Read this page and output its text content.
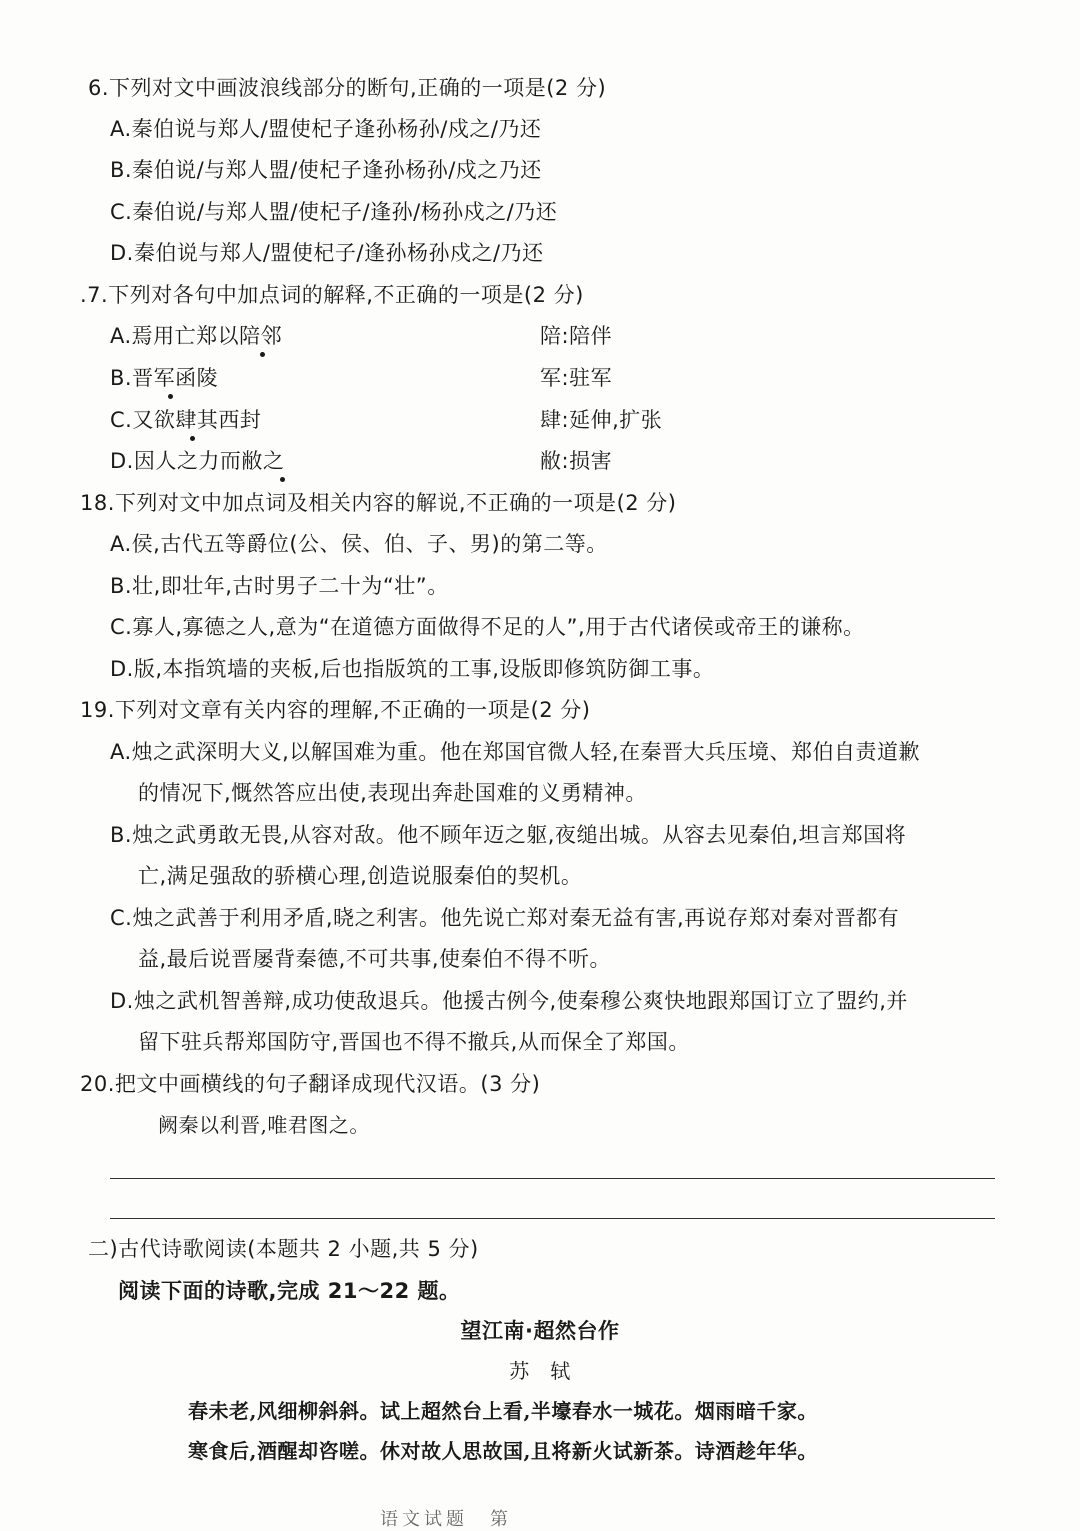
6.下列对文中画波浪线部分的断句,正确的一项是(2 分)
A.秦伯说与郑人/盟使杞子逢孙杨孙/戍之/乃还
B.秦伯说/与郑人盟/使杞子逢孙杨孙/戍之乃还
C.秦伯说/与郑人盟/使杞子/逢孙/杨孙戍之/乃还
D.秦伯说与郑人/盟使杞子/逢孙杨孙戍之/乃还
.7.下列对各句中加点词的解释,不正确的一项是(2 分)
A.焉用亡郑以陪邻	陪:陪伴
B.晋军函陵	军:驻军
C.又欲肆其西封	肆:延伸,扩张
D.因人之力而敝之	敝:损害
18.下列对文中加点词及相关内容的解说,不正确的一项是(2 分)
A.侯,古代五等爵位(公、侯、伯、子、男)的第二等。
B.壮,即壮年,古时男子二十为“壮”。
C.寡人,寡德之人,意为“在道德方面做得不足的人”,用于古代诸侯或帝王的谦称。
D.版,本指筑墙的夹板,后也指版筑的工事,设版即修筑防御工事。
19.下列对文章有关内容的理解,不正确的一项是(2 分)
A.烛之武深明大义,以解国难为重。他在郑国官微人轻,在秦晋大兵压境、郑伯自责道歉
的情况下,慨然答应出使,表现出奔赴国难的义勇精神。
B.烛之武勇敢无畏,从容对敌。他不顾年迈之躯,夜缒出城。从容去见秦伯,坦言郑国将
亡,满足强敌的骄横心理,创造说服秦伯的契机。
C.烛之武善于利用矛盾,晓之利害。他先说亡郑对秦无益有害,再说存郑对秦对晋都有
益,最后说晋屡背秦德,不可共事,使秦伯不得不听。
D.烛之武机智善辩,成功使敌退兵。他援古例今,使秦穆公爽快地跟郑国订立了盟约,并
留下驻兵帮郑国防守,晋国也不得不撤兵,从而保全了郑国。
20.把文中画横线的句子翻译成现代汉语。(3 分)
阙秦以利晋,唯君图之。
二)古代诗歌阅读(本题共 2 小题,共 5 分)
阅读下面的诗歌,完成 21～22 题。
望江南·超然台作
苏　轼
春未老,风细柳斜斜。试上超然台上看,半壕春水一城花。烟雨暗千家。
寒食后,酒醒却咨嗟。休对故人思故国,且将新火试新茶。诗酒趁年华。
语文试题　第
